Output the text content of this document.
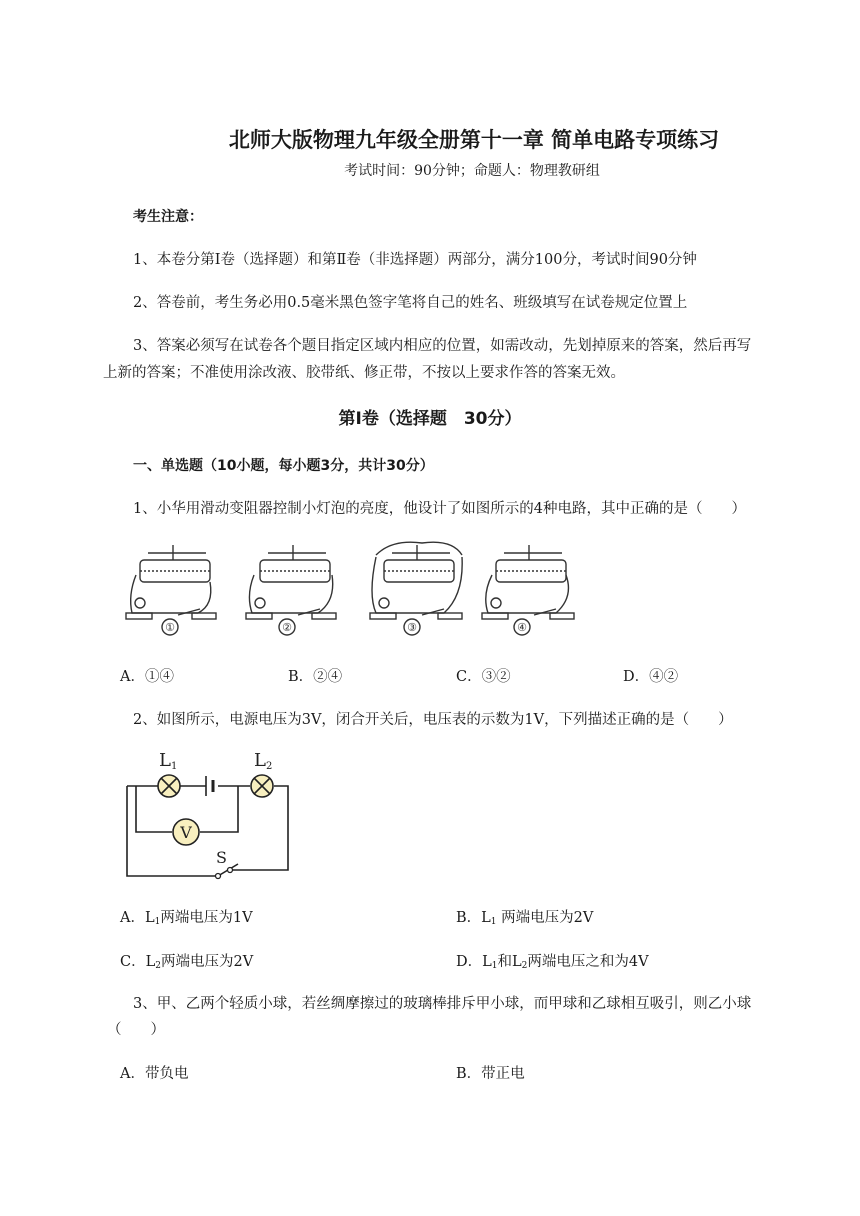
北师大版物理九年级全册第十一章 简单电路专项练习
考试时间：90分钟；命题人：物理教研组
考生注意：
1、本卷分第Ⅰ卷（选择题）和第Ⅱ卷（非选择题）两部分，满分100分，考试时间90分钟
2、答卷前，考生务必用0.5毫米黑色签字笔将自己的姓名、班级填写在试卷规定位置上
3、答案必须写在试卷各个题目指定区域内相应的位置，如需改动，先划掉原来的答案，然后再写
上新的答案；不准使用涂改液、胶带纸、修正带，不按以上要求作答的答案无效。
第Ⅰ卷（选择题　30分）
一、单选题（10小题，每小题3分，共计30分）
1、小华用滑动变阻器控制小灯泡的亮度，他设计了如图所示的4种电路，其中正确的是（　　）
①	②	③	④
A．①④	B．②④	C．③②	D．④②
2、如图所示，电源电压为3V，闭合开关后，电压表的示数为1V，下列描述正确的是（　　）
L 1	L 2
V
S
A．$L_1$两端电压为1V	B．$L_1$ 两端电压为2V
C．$L_2$两端电压为2V	D．$L_1$和$L_2$两端电压之和为4V
3、甲、乙两个轻质小球，若丝绸摩擦过的玻璃棒排斥甲小球，而甲球和乙球相互吸引，则乙小球
（　　）
A．带负电	B．带正电
